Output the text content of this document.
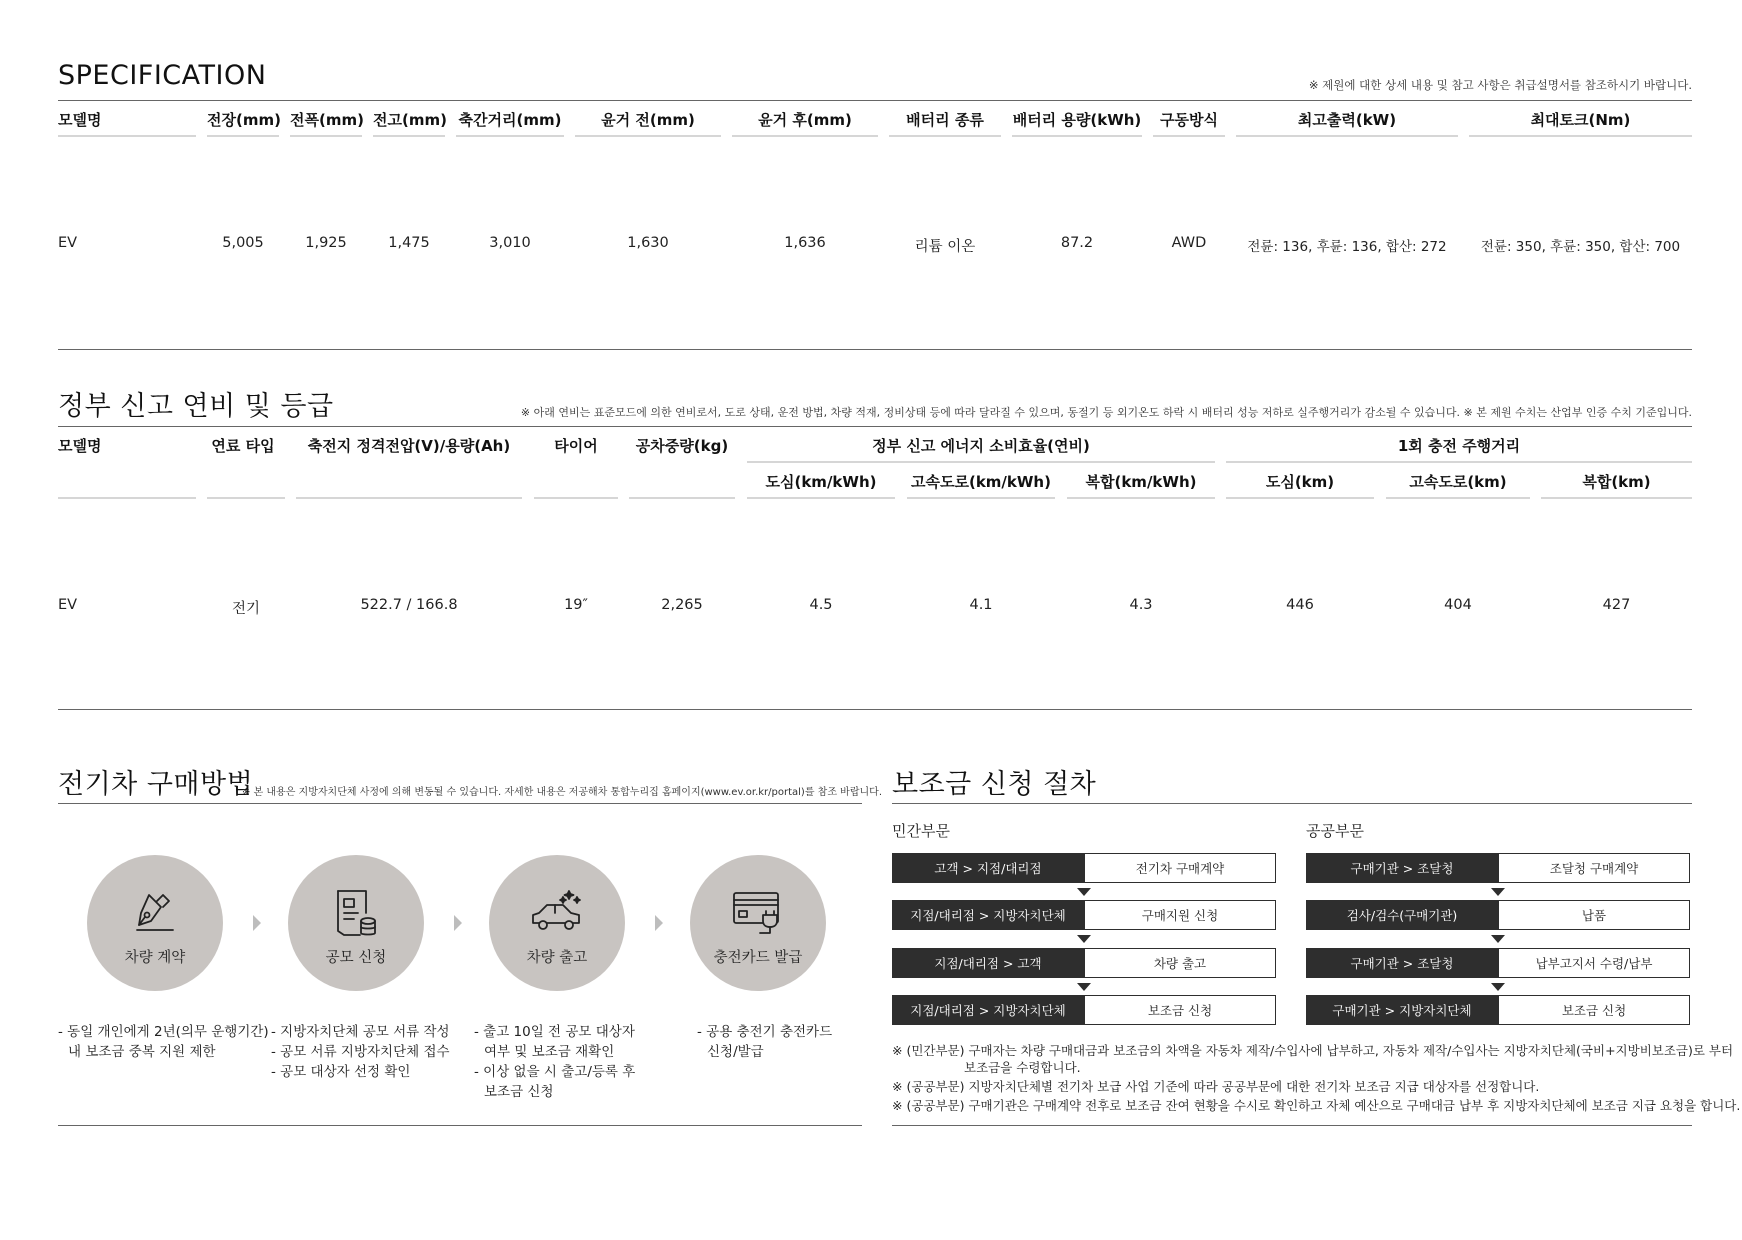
SPECIFICATION	※ 제원에 대한 상세 내용 및 참고 사항은 취급설명서를 참조하시기 바랍니다.
모델명	전장(mm) 전폭(mm) 전고(mm) 축간거리(mm)	윤거 전(mm)	윤거 후(mm)	배터리 종류	배터리 용량(kWh)	구동방식	최고출력(kW)	최대토크(Nm)
EV	5,005	1,925	1,475	3,010	1,630	1,636	리튬 이온	87.2	AWD	전륜: 136, 후륜: 136, 합산: 272	전륜: 350, 후륜: 350, 합산: 700
정부 신고 연비 및 등급	※ 아래 연비는 표준모드에 의한 연비로서, 도로 상태, 운전 방법, 차량 적재, 정비상태 등에 따라 달라질 수 있으며, 동절기 등 외기온도 하락 시 배터리 성능 저하로 실주행거리가 감소될 수 있습니다. ※ 본 제원 수치는 산업부 인증 수치 기준입니다.
모델명	연료 타입	축전지 정격전압(V)/용량(Ah)	타이어	공차중량(kg)	정부 신고 에너지 소비효율(연비)	1회 충전 주행거리
도심(km/kWh)	고속도로(km/kWh)	복합(km/kWh)	도심(km)	고속도로(km)	복합(km)
EV	전기	522.7 / 166.8	19″	2,265	4.5	4.1	4.3	446	404	427
전기차 구매방법
※ 본 내용은 지방자치단체 사정에 의해 변동될 수 있습니다. 자세한 내용은 저공해차 통합누리집 홈페이지(www.ev.or.kr/portal)를 참조 바랍니다.
차량 계약	공모 신청	차량 출고	충전카드 발급
- 동일 개인에게 2년(의무 운행기간)
내 보조금 중복 지원 제한
- 지방자치단체 공모 서류 작성
- 공모 서류 지방자치단체 접수
- 공모 대상자 선정 확인
- 출고 10일 전 공모 대상자
여부 및 보조금 재확인
- 이상 없을 시 출고/등록 후
보조금 신청
- 공용 충전기 충전카드
신청/발급
보조금 신청 절차
민간부문	공공부문
고객 > 지점/대리점	전기차 구매계약
지점/대리점 > 지방자치단체	구매지원 신청
지점/대리점 > 고객	차량 출고
지점/대리점 > 지방자치단체	보조금 신청
구매기관 > 조달청	조달청 구매계약
검사/검수(구매기관)	납품
구매기관 > 조달청	납부고지서 수령/납부
구매기관 > 지방자치단체	보조금 신청
※ (민간부문) 구매자는 차량 구매대금과 보조금의 차액을 자동차 제작/수입사에 납부하고, 자동차 제작/수입사는 지방자치단체(국비+지방비보조금)로 부터
보조금을 수령합니다.
※ (공공부문) 지방자치단체별 전기차 보급 사업 기준에 따라 공공부문에 대한 전기차 보조금 지급 대상자를 선정합니다.
※ (공공부문) 구매기관은 구매계약 전후로 보조금 잔여 현황을 수시로 확인하고 자체 예산으로 구매대금 납부 후 지방자치단체에 보조금 지급 요청을 합니다.
